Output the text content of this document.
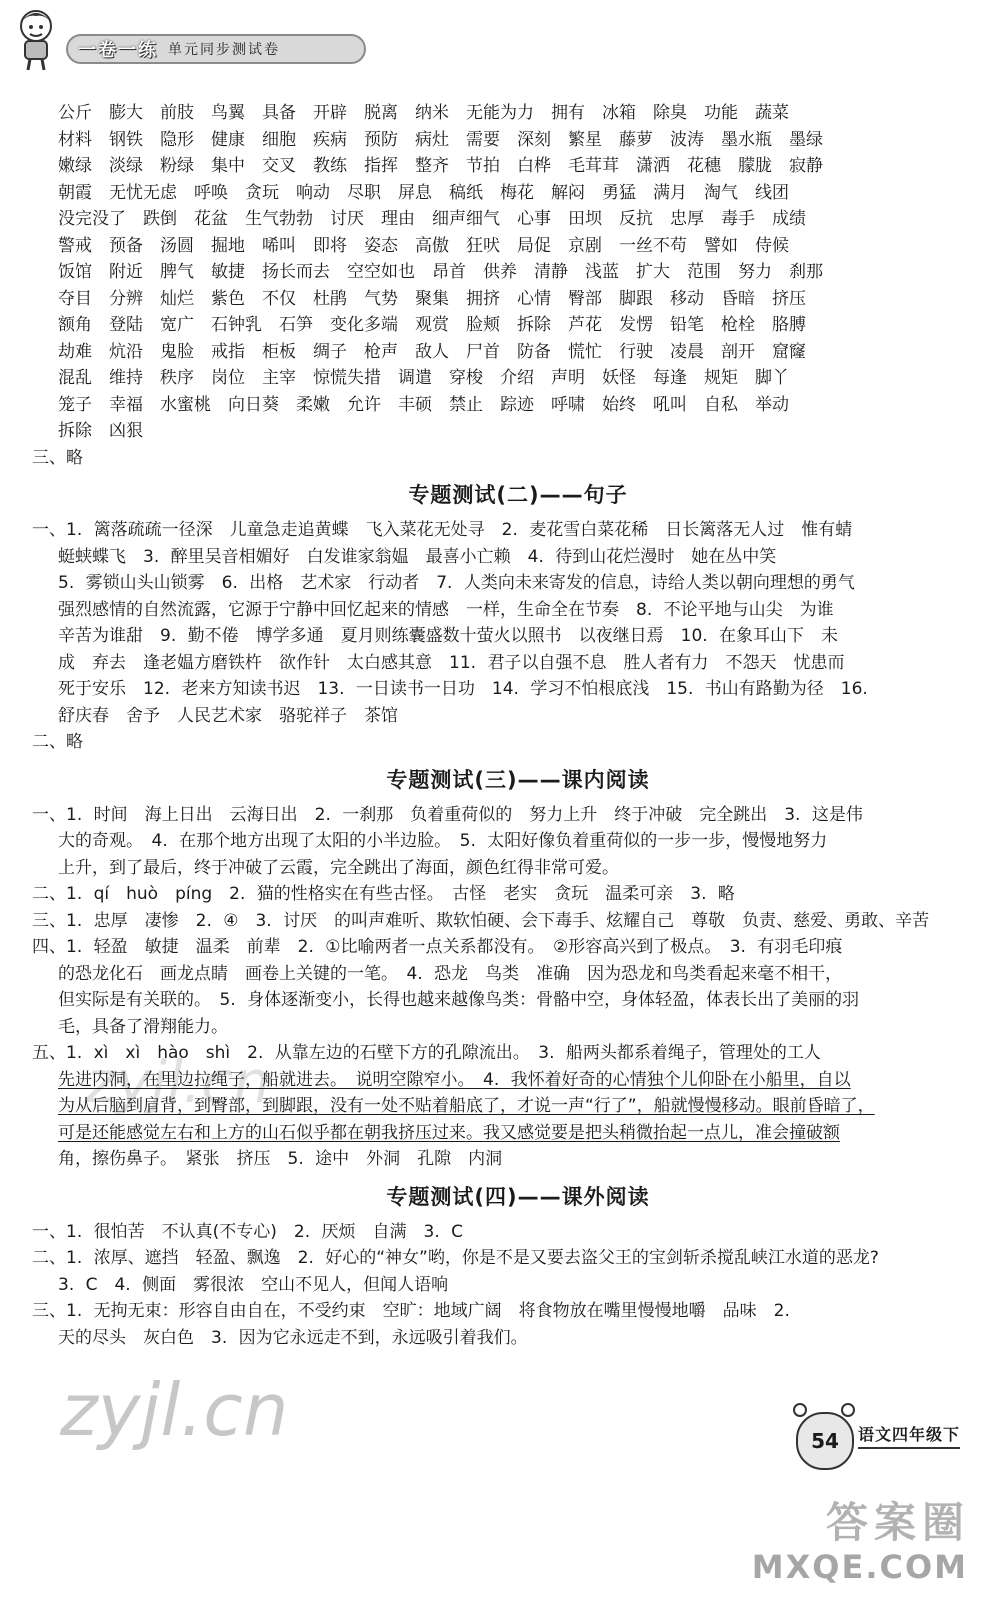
一卷一练 单元同步测试卷
公斤　膨大　前肢　鸟翼　具备　开辟　脱离　纳米　无能为力　拥有　冰箱　除臭　功能　蔬菜
材料　钢铁　隐形　健康　细胞　疾病　预防　病灶　需要　深刻　繁星　藤萝　波涛　墨水瓶　墨绿
嫩绿　淡绿　粉绿　集中　交叉　教练　指挥　整齐　节拍　白桦　毛茸茸　潇洒　花穗　朦胧　寂静
朝霞　无忧无虑　呼唤　贪玩　响动　尽职　屏息　稿纸　梅花　解闷　勇猛　满月　淘气　线团
没完没了　跌倒　花盆　生气勃勃　讨厌　理由　细声细气　心事　田坝　反抗　忠厚　毒手　成绩
警戒　预备　汤圆　掘地　唏叫　即将　姿态　高傲　狂吠　局促　京剧　一丝不苟　譬如　侍候
饭馆　附近　脾气　敏捷　扬长而去　空空如也　昂首　供养　清静　浅蓝　扩大　范围　努力　刹那
夺目　分辨　灿烂　紫色　不仅　杜鹃　气势　聚集　拥挤　心情　臀部　脚跟　移动　昏暗　挤压
额角　登陆　宽广　石钟乳　石笋　变化多端　观赏　脸颊　拆除　芦花　发愣　铅笔　枪栓　胳膊
劫难　炕沿　鬼脸　戒指　柜板　绸子　枪声　敌人　尸首　防备　慌忙　行驶　凌晨　剖开　窟窿
混乱　维持　秩序　岗位　主宰　惊慌失措　调遣　穿梭　介绍　声明　妖怪　每逢　规矩　脚丫
笼子　幸福　水蜜桃　向日葵　柔嫩　允许　丰硕　禁止　踪迹　呼啸　始终　吼叫　自私　举动
拆除　凶狠
三、略
专题测试(二)——句子
一、1. 篱落疏疏一径深　儿童急走追黄蝶　飞入菜花无处寻　2. 麦花雪白菜花稀　日长篱落无人过　惟有蜻
蜓蛱蝶飞　3. 醉里吴音相媚好　白发谁家翁媪　最喜小亡赖　4. 待到山花烂漫时　她在丛中笑
5. 雾锁山头山锁雾　6. 出格　艺术家　行动者　7. 人类向未来寄发的信息，诗给人类以朝向理想的勇气
强烈感情的自然流露，它源于宁静中回忆起来的情感　一样，生命全在节奏　8. 不论平地与山尖　为谁
辛苦为谁甜　9. 勤不倦　博学多通　夏月则练囊盛数十萤火以照书　以夜继日焉　10. 在象耳山下　未
成　弃去　逢老媪方磨铁杵　欲作针　太白感其意　11. 君子以自强不息　胜人者有力　不怨天　忧患而
死于安乐　12. 老来方知读书迟　13. 一日读书一日功　14. 学习不怕根底浅　15. 书山有路勤为径　16.
舒庆春　舍予　人民艺术家　骆驼祥子　茶馆
二、略
专题测试(三)——课内阅读
一、1. 时间　海上日出　云海日出　2. 一刹那　负着重荷似的　努力上升　终于冲破　完全跳出　3. 这是伟
大的奇观。　4. 在那个地方出现了太阳的小半边脸。　5. 太阳好像负着重荷似的一步一步，慢慢地努力
上升，到了最后，终于冲破了云霞，完全跳出了海面，颜色红得非常可爱。
二、1. qí　huò　píng　2. 猫的性格实在有些古怪。　古怪　老实　贪玩　温柔可亲　3. 略
三、1. 忠厚　凄惨　2. ④　3. 讨厌　的叫声难听、欺软怕硬、会下毒手、炫耀自己　尊敬　负责、慈爱、勇敢、辛苦
四、1. 轻盈　敏捷　温柔　前辈　2. ①比喻两者一点关系都没有。　②形容高兴到了极点。　3. 有羽毛印痕
的恐龙化石　画龙点睛　画卷上关键的一笔。　4. 恐龙　鸟类　准确　因为恐龙和鸟类看起来毫不相干，
但实际是有关联的。　5. 身体逐渐变小，长得也越来越像鸟类：骨骼中空，身体轻盈，体表长出了美丽的羽
毛，具备了滑翔能力。
五、1. xì　xì　hào　shì　2. 从靠左边的石壁下方的孔隙流出。　3. 船两头都系着绳子，管理处的工人
先进内洞，在里边拉绳子，船就进去。　说明空隙窄小。　4. 我怀着好奇的心情独个儿仰卧在小船里，自以
为从后脑到肩背，到臀部，到脚跟，没有一处不贴着船底了，才说一声“行了”，船就慢慢移动。眼前昏暗了，
可是还能感觉左右和上方的山石似乎都在朝我挤压过来。我又感觉要是把头稍微抬起一点儿，准会撞破额
角，擦伤鼻子。　紧张　挤压　5. 途中　外洞　孔隙　内洞
专题测试(四)——课外阅读
一、1. 很怕苦　不认真(不专心)　2. 厌烦　自满　3. C
二、1. 浓厚、遮挡　轻盈、飘逸　2. 好心的“神女”哟，你是不是又要去盗父王的宝剑斩杀搅乱峡江水道的恶龙?
3. C　4. 侧面　雾很浓　空山不见人，但闻人语响
三、1. 无拘无束：形容自由自在，不受约束　空旷：地域广阔　将食物放在嘴里慢慢地嚼　品味　2.
天的尽头　灰白色　3. 因为它永远走不到，永远吸引着我们。
zyjl.cn
zyjl.cn	54	语文四年级下
答案圈
MXQE.COM
